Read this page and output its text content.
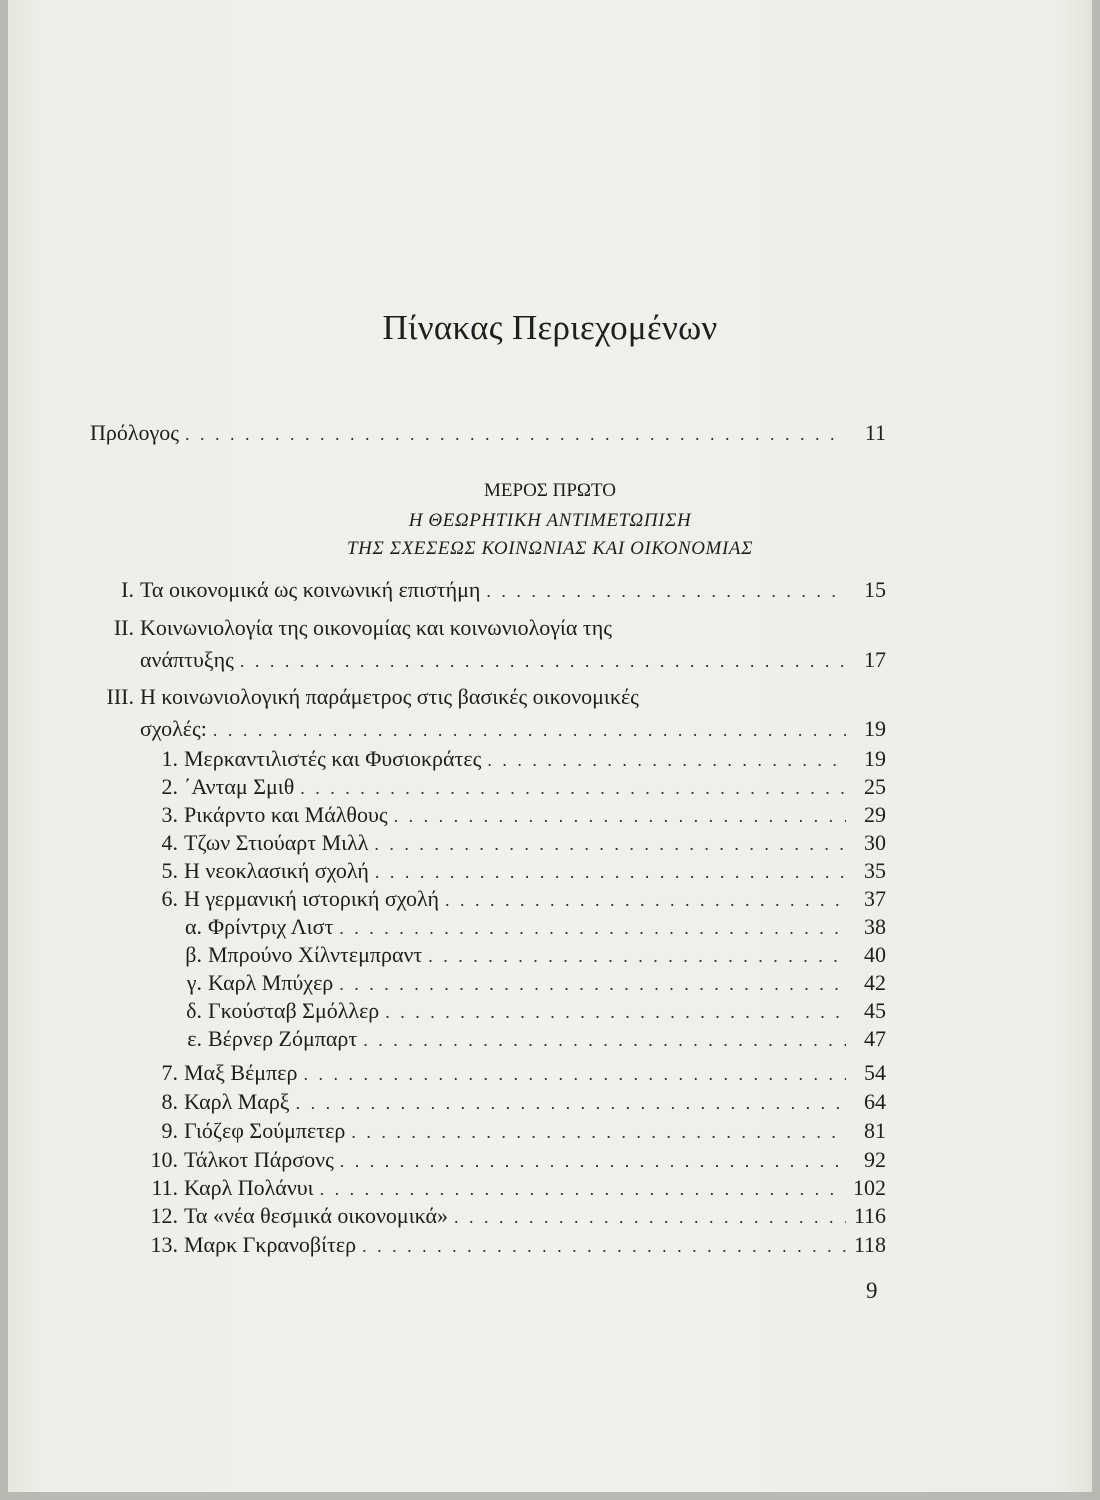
Πίνακας Περιεχομένων
Πρόλογος . . .	11
ΜΕΡΟΣ ΠΡΩΤΟ
Η ΘΕΩΡΗΤΙΚΗ ΑΝΤΙΜΕΤΩΠΙΣΗ
ΤΗΣ ΣΧΕΣΕΩΣ ΚΟΙΝΩΝΙΑΣ ΚΑΙ ΟΙΚΟΝΟΜΙΑΣ
I. Τα οικονομικά ως κοινωνική επιστήμη . . .	15
II. Κοινωνιολογία της οικονομίας και κοινωνιολογία της
ανάπτυξης . . .	17
III. Η κοινωνιολογική παράμετρος στις βασικές οικονομικές
σχολές: . . .	19
1. Μερκαντιλιστές και Φυσιοκράτες . . .	19
2. ΄Ανταμ Σμιθ . . .	25
3. Ρικάρντο και Μάλθους . . .	29
4. Τζων Στιούαρτ Μιλλ . . .	30
5. Η νεοκλασική σχολή . . .	35
6. Η γερμανική ιστορική σχολή . . .	37
α. Φρίντριχ Λιστ . . .	38
β. Μπρούνο Χίλντεμπραντ . . .	40
γ. Καρλ Μπύχερ . . .	42
δ. Γκούσταβ Σμόλλερ . . .	45
ε. Βέρνερ Ζόμπαρτ . . .	47
7. Μαξ Βέμπερ . . .	54
8. Καρλ Μαρξ . . .	64
9. Γιόζεφ Σούμπετερ . . .	81
10. Τάλκοτ Πάρσονς . . .	92
11. Καρλ Πολάνυι . . .	102
12. Τα «νέα θεσμικά οικονομικά» . . .	116
13. Μαρκ Γκρανοβίτερ . . .	118
9
